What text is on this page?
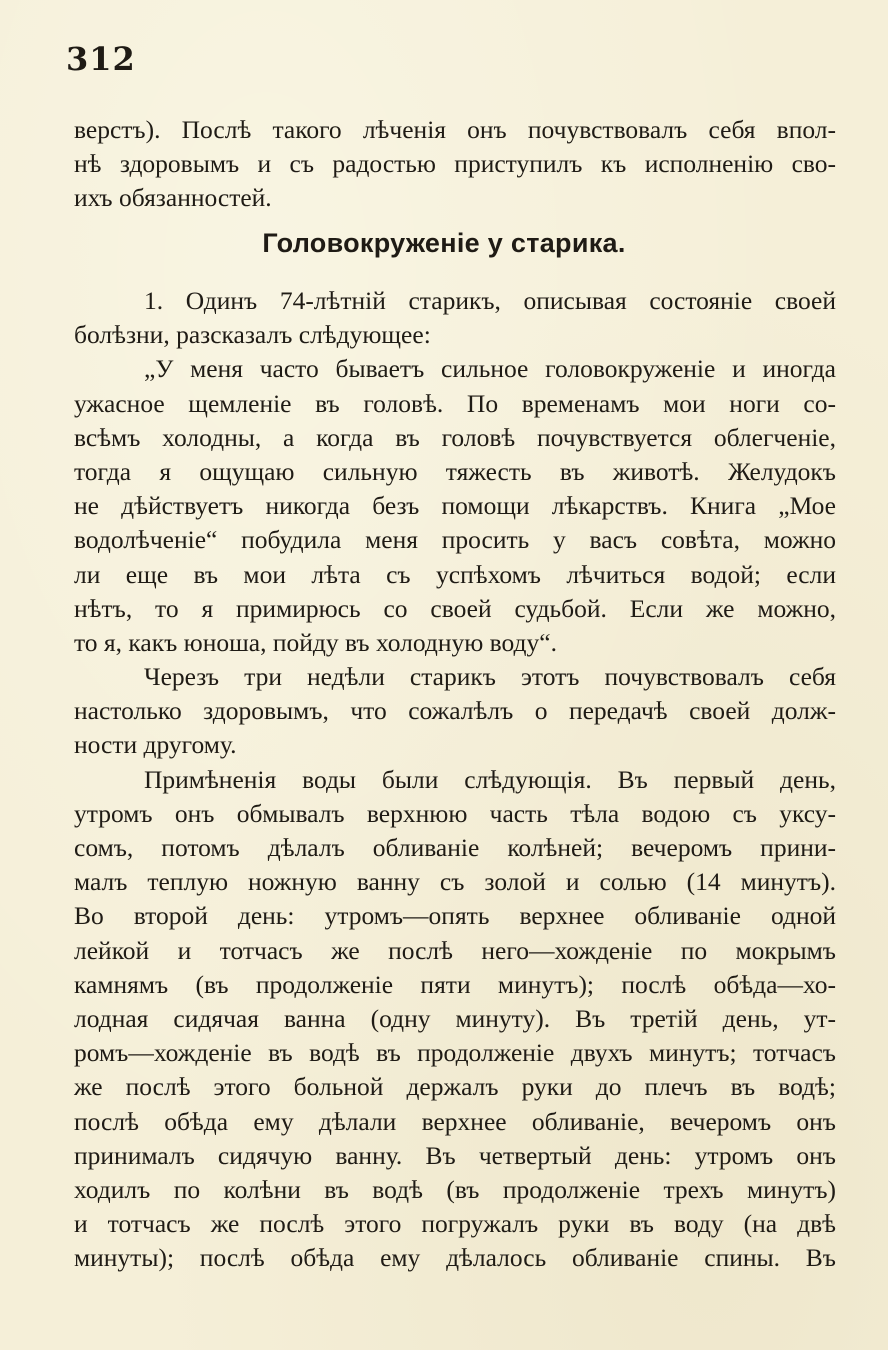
312
верстъ). Послѣ такого лѣченія онъ почувствовалъ себя впол-
нѣ здоровымъ и съ радостью приступилъ къ исполненію сво-
ихъ обязанностей.
Головокруженіе у старика.
1. Одинъ 74-лѣтній старикъ, описывая состояніе своей
болѣзни, разсказалъ слѣдующее:
„У меня часто бываетъ сильное головокруженіе и иногда
ужасное щемленіе въ головѣ. По временамъ мои ноги со-
всѣмъ холодны, а когда въ головѣ почувствуется облегченіе,
тогда я ощущаю сильную тяжесть въ животѣ. Желудокъ
не дѣйствуетъ никогда безъ помощи лѣкарствъ. Книга „Мое
водолѣченіе“ побудила меня просить у васъ совѣта, можно
ли еще въ мои лѣта съ успѣхомъ лѣчиться водой; если
нѣтъ, то я примирюсь со своей судьбой. Если же можно,
то я, какъ юноша, пойду въ холодную воду“.
Черезъ три недѣли старикъ этотъ почувствовалъ себя
настолько здоровымъ, что сожалѣлъ о передачѣ своей долж-
ности другому.
Примѣненія воды были слѣдующія. Въ первый день,
утромъ онъ обмывалъ верхнюю часть тѣла водою съ уксу-
сомъ, потомъ дѣлалъ обливаніе колѣней; вечеромъ прини-
малъ теплую ножную ванну съ золой и солью (14 минутъ).
Во второй день: утромъ—опять верхнее обливаніе одной
лейкой и тотчасъ же послѣ него—хожденіе по мокрымъ
камнямъ (въ продолженіе пяти минутъ); послѣ обѣда—хо-
лодная сидячая ванна (одну минуту). Въ третій день, ут-
ромъ—хожденіе въ водѣ въ продолженіе двухъ минутъ; тотчасъ
же послѣ этого больной держалъ руки до плечъ въ водѣ;
послѣ обѣда ему дѣлали верхнее обливаніе, вечеромъ онъ
принималъ сидячую ванну. Въ четвертый день: утромъ онъ
ходилъ по колѣни въ водѣ (въ продолженіе трехъ минутъ)
и тотчасъ же послѣ этого погружалъ руки въ воду (на двѣ
минуты); послѣ обѣда ему дѣлалось обливаніе спины. Въ
